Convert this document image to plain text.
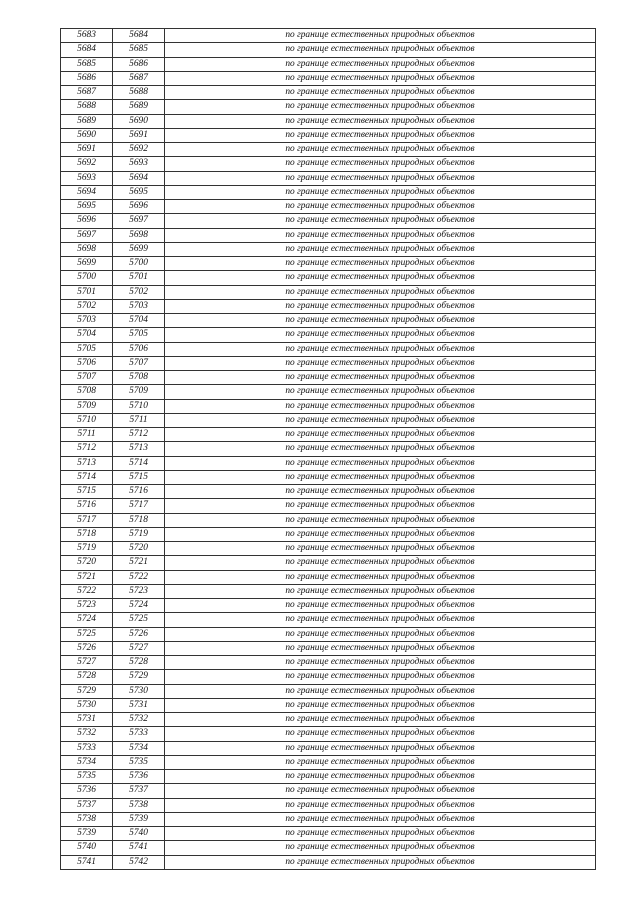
5683	5684	по границе естественных природных объектов
5684	5685	по границе естественных природных объектов
5685	5686	по границе естественных природных объектов
5686	5687	по границе естественных природных объектов
5687	5688	по границе естественных природных объектов
5688	5689	по границе естественных природных объектов
5689	5690	по границе естественных природных объектов
5690	5691	по границе естественных природных объектов
5691	5692	по границе естественных природных объектов
5692	5693	по границе естественных природных объектов
5693	5694	по границе естественных природных объектов
5694	5695	по границе естественных природных объектов
5695	5696	по границе естественных природных объектов
5696	5697	по границе естественных природных объектов
5697	5698	по границе естественных природных объектов
5698	5699	по границе естественных природных объектов
5699	5700	по границе естественных природных объектов
5700	5701	по границе естественных природных объектов
5701	5702	по границе естественных природных объектов
5702	5703	по границе естественных природных объектов
5703	5704	по границе естественных природных объектов
5704	5705	по границе естественных природных объектов
5705	5706	по границе естественных природных объектов
5706	5707	по границе естественных природных объектов
5707	5708	по границе естественных природных объектов
5708	5709	по границе естественных природных объектов
5709	5710	по границе естественных природных объектов
5710	5711	по границе естественных природных объектов
5711	5712	по границе естественных природных объектов
5712	5713	по границе естественных природных объектов
5713	5714	по границе естественных природных объектов
5714	5715	по границе естественных природных объектов
5715	5716	по границе естественных природных объектов
5716	5717	по границе естественных природных объектов
5717	5718	по границе естественных природных объектов
5718	5719	по границе естественных природных объектов
5719	5720	по границе естественных природных объектов
5720	5721	по границе естественных природных объектов
5721	5722	по границе естественных природных объектов
5722	5723	по границе естественных природных объектов
5723	5724	по границе естественных природных объектов
5724	5725	по границе естественных природных объектов
5725	5726	по границе естественных природных объектов
5726	5727	по границе естественных природных объектов
5727	5728	по границе естественных природных объектов
5728	5729	по границе естественных природных объектов
5729	5730	по границе естественных природных объектов
5730	5731	по границе естественных природных объектов
5731	5732	по границе естественных природных объектов
5732	5733	по границе естественных природных объектов
5733	5734	по границе естественных природных объектов
5734	5735	по границе естественных природных объектов
5735	5736	по границе естественных природных объектов
5736	5737	по границе естественных природных объектов
5737	5738	по границе естественных природных объектов
5738	5739	по границе естественных природных объектов
5739	5740	по границе естественных природных объектов
5740	5741	по границе естественных природных объектов
5741	5742	по границе естественных природных объектов
